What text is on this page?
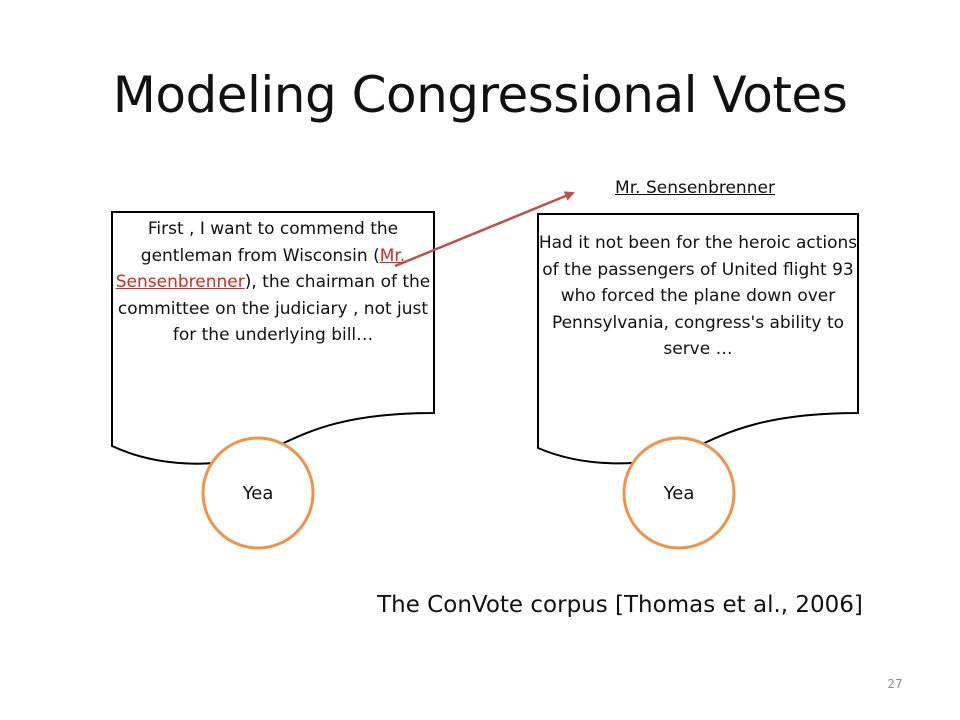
Modeling Congressional Votes
Mr. Sensenbrenner
First , I want to commend the gentleman from Wisconsin (Mr. Sensenbrenner), the chairman of the committee on the judiciary , not just for the underlying bill…
Had it not been for the heroic actions of the passengers of United flight 93 who forced the plane down over Pennsylvania, congress's ability to serve …
Yea	Yea
The ConVote corpus [Thomas et al., 2006]
27
